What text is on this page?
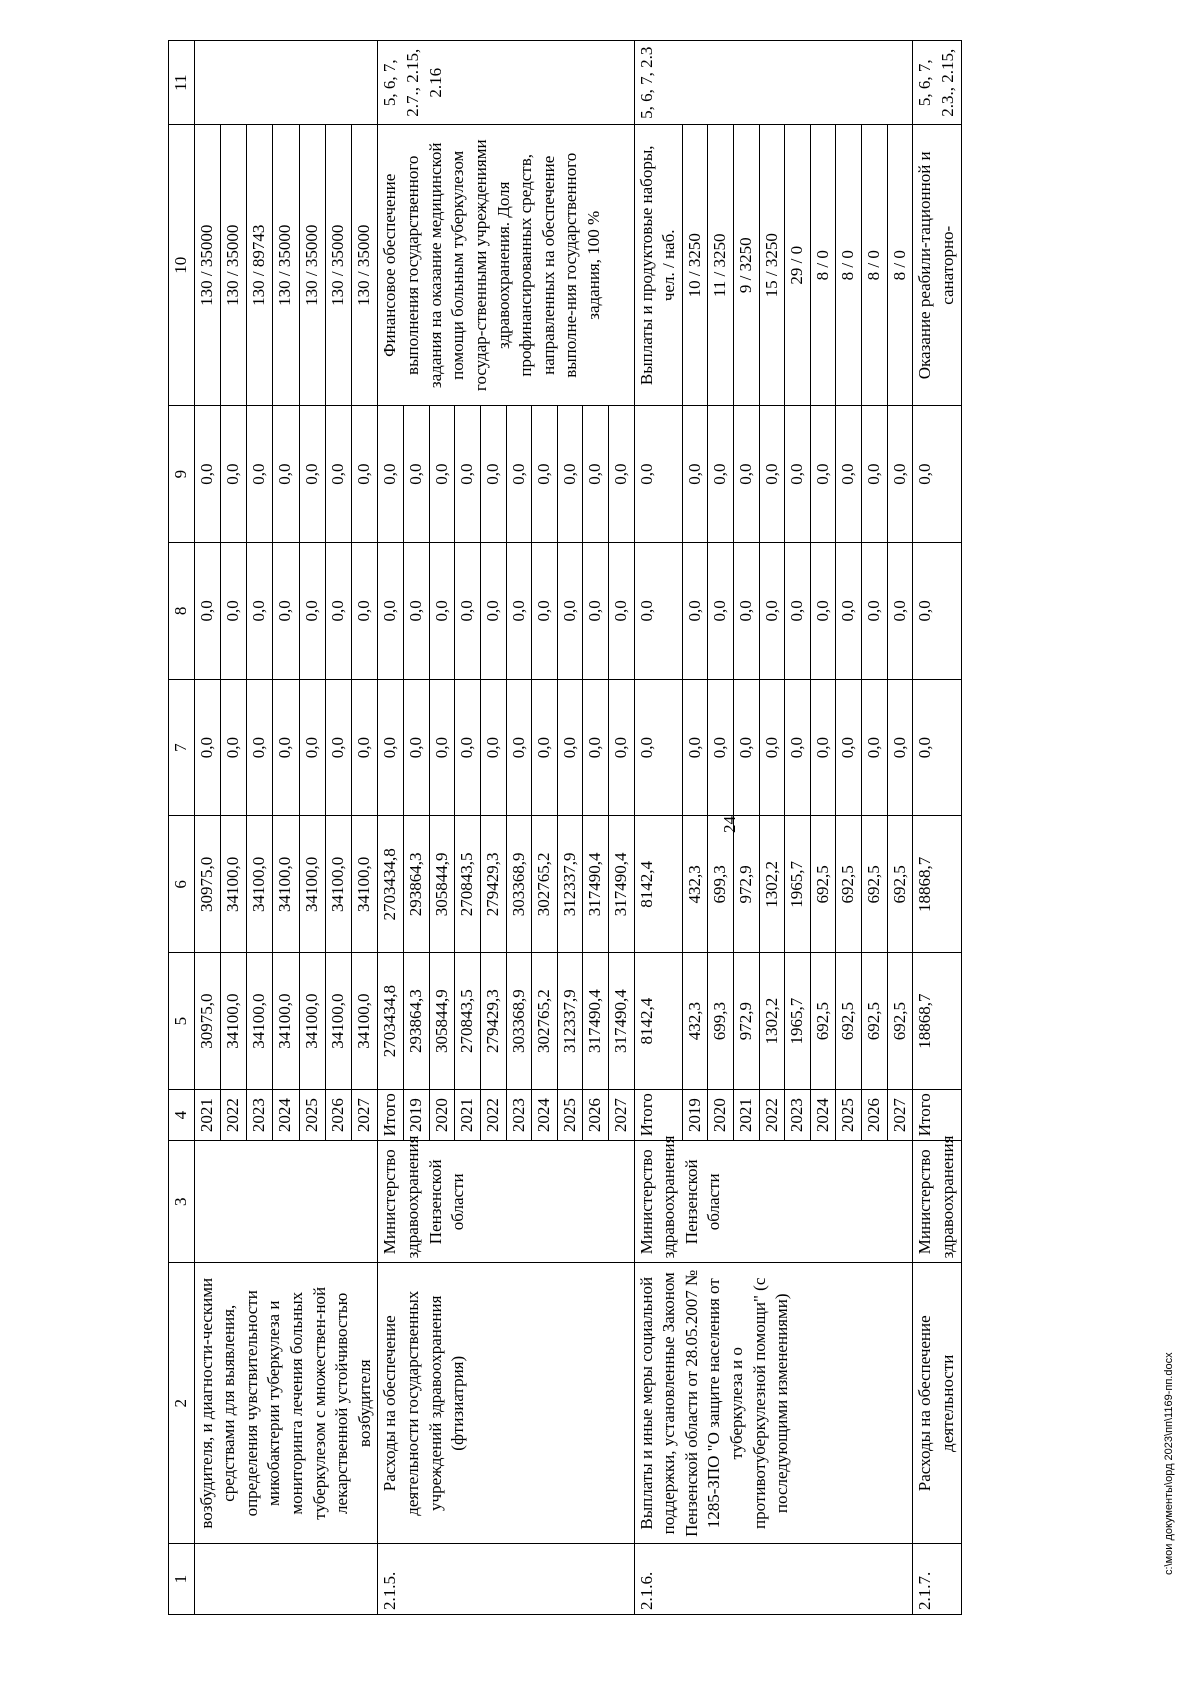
24
1	2	3	4	5	6	7	8	9	10	11
	возбудителя, и диагности-ческими средствами для выявления, определения чувствительности микобактерии туберкулеза и мониторинга лечения больных туберкулезом с множествен-ной лекарственной устойчивостью возбудителя		2021	30975,0	30975,0	0,0	0,0	0,0	130 / 35000	
			2022	34100,0	34100,0	0,0	0,0	0,0	130 / 35000	
			2023	34100,0	34100,0	0,0	0,0	0,0	130 / 89743	
			2024	34100,0	34100,0	0,0	0,0	0,0	130 / 35000	
			2025	34100,0	34100,0	0,0	0,0	0,0	130 / 35000	
			2026	34100,0	34100,0	0,0	0,0	0,0	130 / 35000	
			2027	34100,0	34100,0	0,0	0,0	0,0	130 / 35000	
2.1.5.	Расходы на обеспечение деятельности государственных учреждений здравоохранения (фтизиатрия)	Министерство здравоохранения Пензенской области	Итого	2703434,8	2703434,8	0,0	0,0	0,0	Финансовое обеспечение выполнения государственного задания на оказание медицинской помощи больным туберкулезом государ-ственными учреждениями здравоохранения. Доля профинансированных средств, направленных на обеспечение выполне-ния государственного задания, 100 %	5, 6, 7, 2.7., 2.15, 2.16
			2019	293864,3	293864,3	0,0	0,0	0,0		
			2020	305844,9	305844,9	0,0	0,0	0,0		
			2021	270843,5	270843,5	0,0	0,0	0,0		
			2022	279429,3	279429,3	0,0	0,0	0,0		
			2023	303368,9	303368,9	0,0	0,0	0,0		
			2024	302765,2	302765,2	0,0	0,0	0,0		
			2025	312337,9	312337,9	0,0	0,0	0,0		
			2026	317490,4	317490,4	0,0	0,0	0,0		
			2027	317490,4	317490,4	0,0	0,0	0,0		
2.1.6.	Выплаты и иные меры социальной поддержки, установленные Законом Пензенской области от 28.05.2007 № 1285-ЗПО "О защите населения от туберкулеза и о противотуберкулезной помощи" (с последующими изменениями)	Министерство здравоохранения Пензенской области	Итого	8142,4	8142,4	0,0	0,0	0,0	Выплаты и продуктовые наборы, чел. / наб.	5, 6, 7, 2.3
			2019	432,3	432,3	0,0	0,0	0,0	10 / 3250	
			2020	699,3	699,3	0,0	0,0	0,0	11 / 3250	
			2021	972,9	972,9	0,0	0,0	0,0	9 / 3250	
			2022	1302,2	1302,2	0,0	0,0	0,0	15 / 3250	
			2023	1965,7	1965,7	0,0	0,0	0,0	29 / 0	
			2024	692,5	692,5	0,0	0,0	0,0	8 / 0	
			2025	692,5	692,5	0,0	0,0	0,0	8 / 0	
			2026	692,5	692,5	0,0	0,0	0,0	8 / 0	
			2027	692,5	692,5	0,0	0,0	0,0	8 / 0	
2.1.7.	Расходы на обеспечение деятельности	Министерство здравоохранения	Итого	18868,7	18868,7	0,0	0,0	0,0	Оказание реабили-тационной и санаторно-	5, 6, 7, 2.3., 2.15,
c:\мои документы\орд 2023\пп\1169-пп.docx
